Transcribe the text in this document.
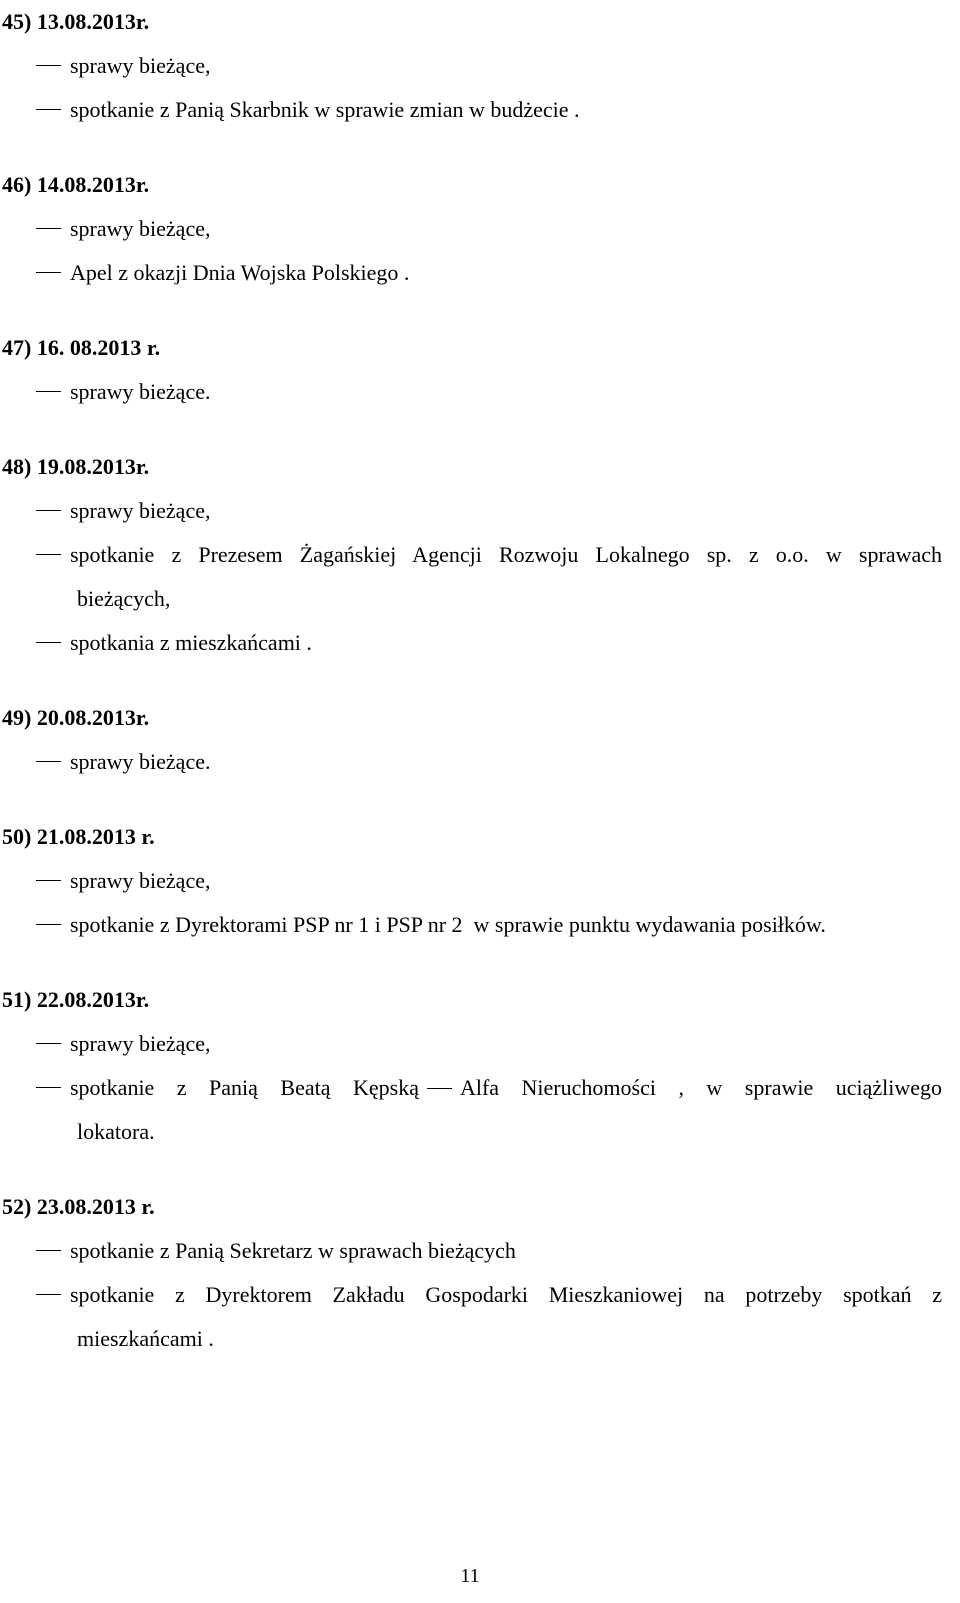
45) 13.08.2013r.
sprawy bieżące,
spotkanie z Panią Skarbnik w sprawie zmian w budżecie .
46) 14.08.2013r.
sprawy bieżące,
Apel z okazji Dnia Wojska Polskiego .
47) 16. 08.2013 r.
sprawy bieżące.
48) 19.08.2013r.
sprawy bieżące,
spotkanie z Prezesem Żagańskiej Agencji Rozwoju Lokalnego sp. z o.o. w sprawach
bieżących,
spotkania z mieszkańcami .
49) 20.08.2013r.
sprawy bieżące.
50) 21.08.2013 r.
sprawy bieżące,
spotkanie z Dyrektorami PSP nr 1 i PSP nr 2  w sprawie punktu wydawania posiłków.
51) 22.08.2013r.
sprawy bieżące,
spotkanie z Panią Beatą Kępską Alfa Nieruchomości , w sprawie uciążliwego
lokatora.
52) 23.08.2013 r.
spotkanie z Panią Sekretarz w sprawach bieżących
spotkanie z Dyrektorem Zakładu Gospodarki Mieszkaniowej na potrzeby spotkań z
mieszkańcami .
11
